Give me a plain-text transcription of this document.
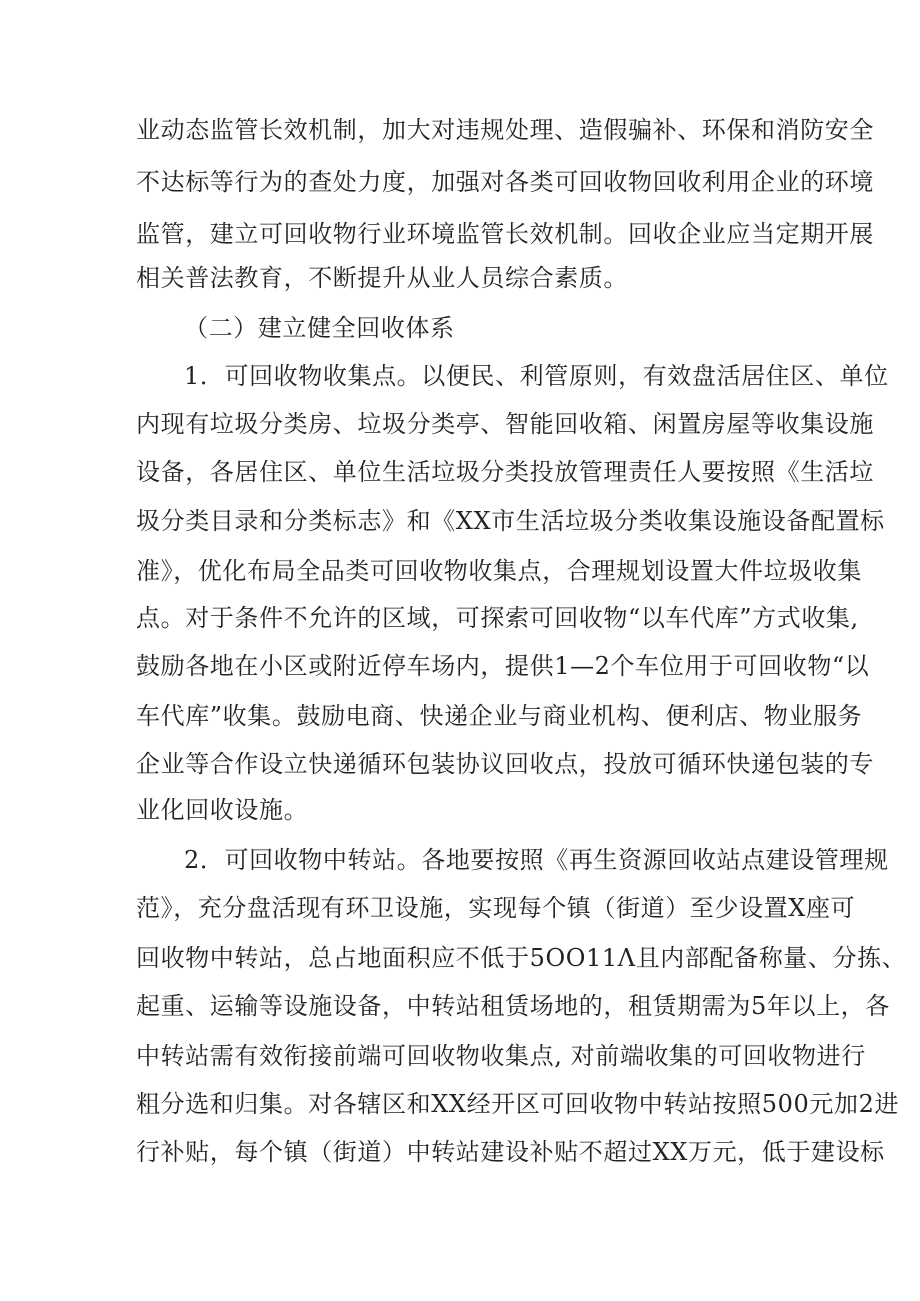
业动态监管长效机制，加大对违规处理、造假骗补、环保和消防安全
不达标等行为的查处力度，加强对各类可回收物回收利用企业的环境
监管，建立可回收物行业环境监管长效机制。回收企业应当定期开展
相关普法教育，不断提升从业人员综合素质。
（二）建立健全回收体系
1．可回收物收集点。以便民、利管原则，有效盘活居住区、单位
内现有垃圾分类房、垃圾分类亭、智能回收箱、闲置房屋等收集设施
设备，各居住区、单位生活垃圾分类投放管理责任人要按照《生活垃
圾分类目录和分类标志》和《XX市生活垃圾分类收集设施设备配置标
准》，优化布局全品类可回收物收集点，合理规划设置大件垃圾收集
点。对于条件不允许的区域，可探索可回收物“以车代库”方式收集,
鼓励各地在小区或附近停车场内，提供1—2个车位用于可回收物“以
车代库”收集。鼓励电商、快递企业与商业机构、便利店、物业服务
企业等合作设立快递循环包装协议回收点，投放可循环快递包装的专
业化回收设施。
2．可回收物中转站。各地要按照《再生资源回收站点建设管理规
范》，充分盘活现有环卫设施，实现每个镇（街道）至少设置X座可
回收物中转站，总占地面积应不低于5OO11Λ且内部配备称量、分拣、
起重、运输等设施设备，中转站租赁场地的，租赁期需为5年以上，各
中转站需有效衔接前端可回收物收集点, 对前端收集的可回收物进行
粗分选和归集。对各辖区和XX经开区可回收物中转站按照500元加2进
行补贴，每个镇（街道）中转站建设补贴不超过XX万元，低于建设标
